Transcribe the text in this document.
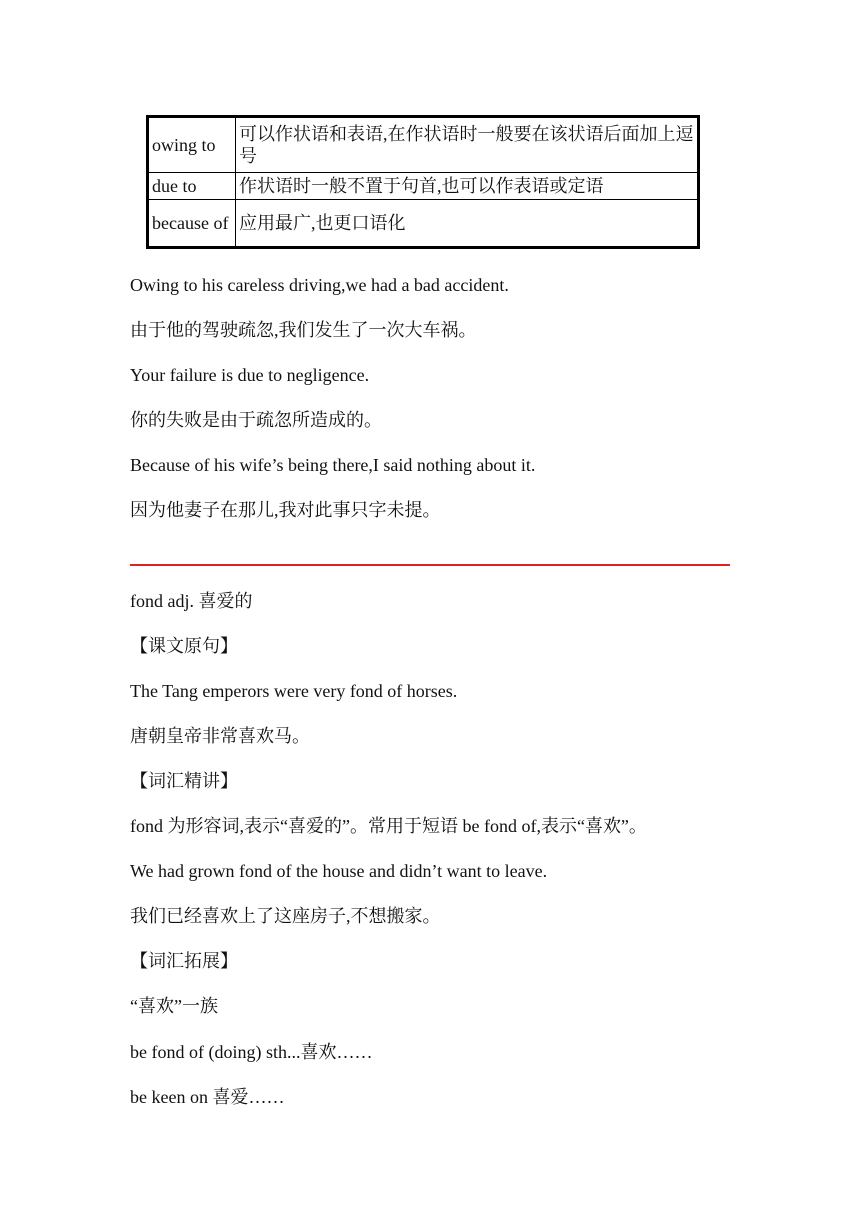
owing to	可以作状语和表语,在作状语时一般要在该状语后面加上逗号

due to	作状语时一般不置于句首,也可以作表语或定语

because of	应用最广,也更口语化

Owing to his careless driving,we had a bad accident.

由于他的驾驶疏忽,我们发生了一次大车祸。

Your failure is due to negligence.

你的失败是由于疏忽所造成的。

Because of his wife’s being there,I said nothing about it.

因为他妻子在那儿,我对此事只字未提。

fond adj. 喜爱的

【课文原句】

The Tang emperors were very fond of horses.

唐朝皇帝非常喜欢马。

【词汇精讲】

fond 为形容词,表示“喜爱的”。常用于短语 be fond of,表示“喜欢”。

We had grown fond of the house and didn’t want to leave.

我们已经喜欢上了这座房子,不想搬家。

【词汇拓展】

“喜欢”一族

be fond of (doing) sth...喜欢……

be keen on 喜爱……
